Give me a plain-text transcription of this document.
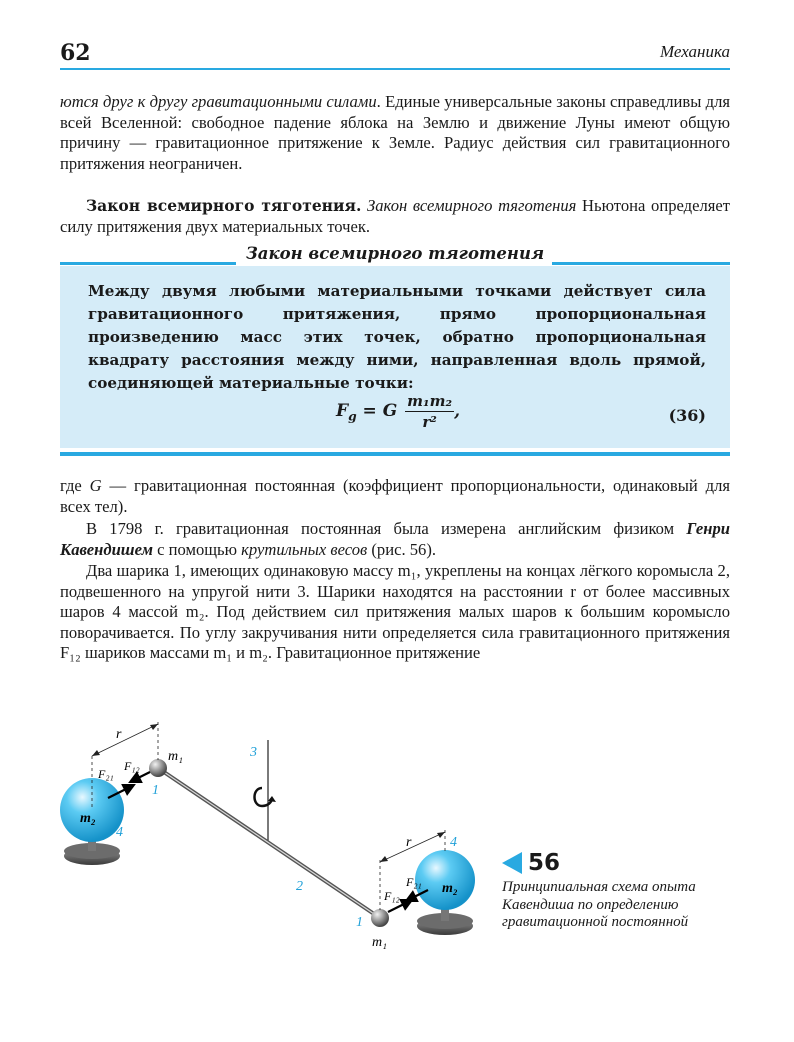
62	Механика
ются друг к другу гравитационными силами. Единые универсальные законы справедливы для всей Вселенной: свободное падение яблока на Землю и движение Луны имеют общую причину — гравитационное притяжение к Земле. Радиус действия сил гравитационного притяжения неограничен.
Закон всемирного тяготения. Закон всемирного тяготения Ньютона определяет силу притяжения двух материальных точек.
Закон всемирного тяготения
Между двумя любыми материальными точками действует сила гравитационного притяжения, прямо пропорциональная произведению масс этих точек, обратно пропорциональная квадрату расстояния между ними, направленная вдоль прямой, соединяющей материальные точки:
$F_g = G \frac{\text{m₁m₂}}{\text{r²}}$ ,	(36)
где G — гравитационная постоянная (коэффициент пропорциональности, одинаковый для всех тел).
В 1798 г. гравитационная постоянная была измерена английским физиком Генри Кавендишем с помощью крутильных весов (рис. 56).
Два шарика 1, имеющих одинаковую массу m₁, укреплены на концах лёгкого коромысла 2, подвешенного на упругой нити 3. Шарики находятся на расстоянии r от более массивных шаров 4 массой m₂. Под действием сил притяжения малых шаров к большим коромысло поворачивается. По углу закручивания нити определяется сила гравитационного притяжения F₁₂ шариков массами m₁ и m₂. Гравитационное притяжение
r
F₂₁
F₁₂
m₁
1
m₂
4
3
2
r	4
F₂₁
F₁₂	m₂
1
m₁
56
Принципиальная схема опыта Кавендиша по определению гравитационной постоянной
